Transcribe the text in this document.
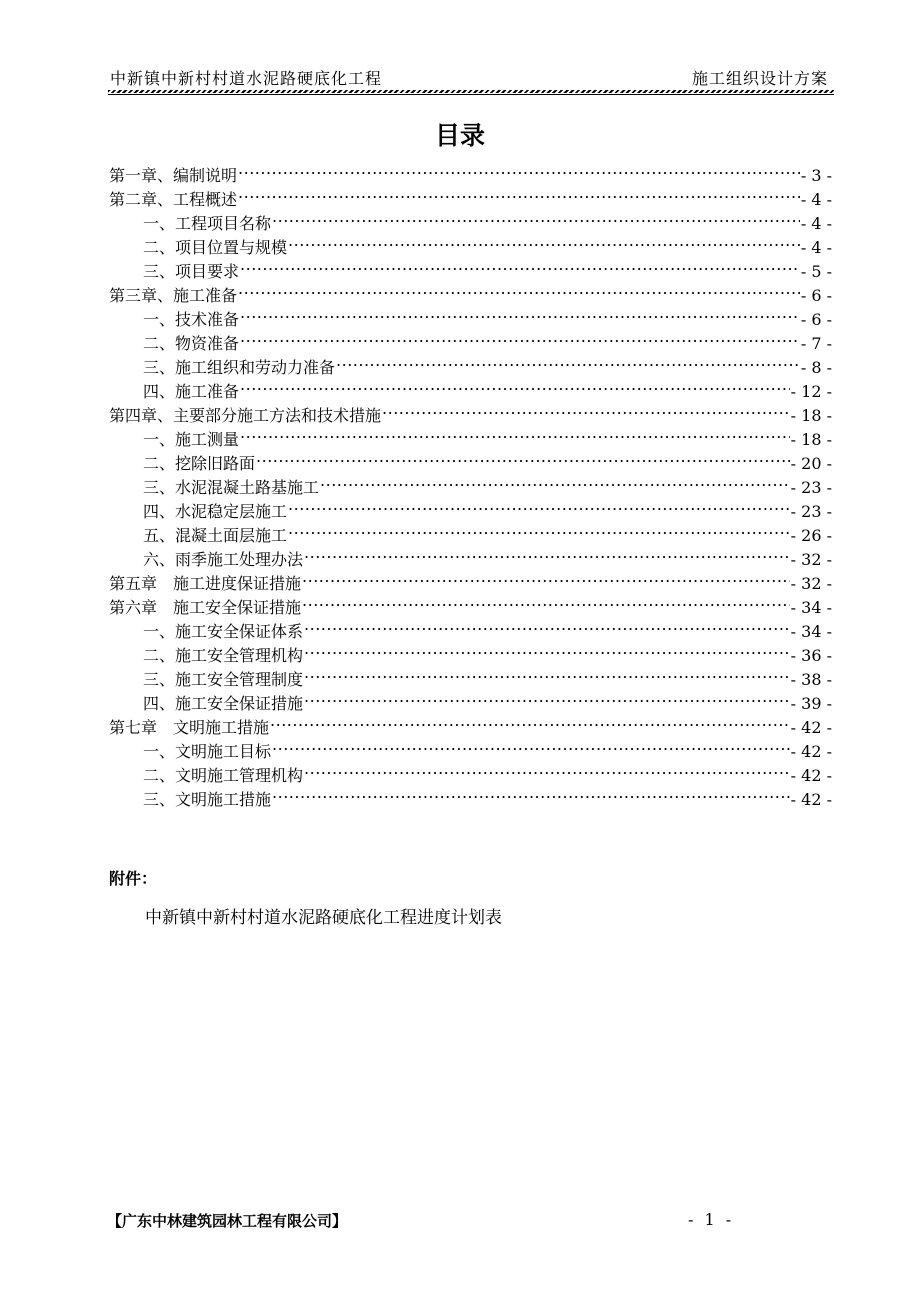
中新镇中新村村道水泥路硬底化工程	施工组织设计方案
目录
第一章、编制说明 .....	- 3 -
第二章、工程概述 .....	- 4 -
一、工程项目名称 .....	- 4 -
二、项目位置与规模 .....	- 4 -
三、项目要求 .....	- 5 -
第三章、施工准备 .....	- 6 -
一、技术准备 .....	- 6 -
二、物资准备 .....	- 7 -
三、施工组织和劳动力准备 .....	- 8 -
四、施工准备 .....	- 12 -
第四章、主要部分施工方法和技术措施 .....	- 18 -
一、施工测量 .....	- 18 -
二、挖除旧路面 .....	- 20 -
三、水泥混凝土路基施工 .....	- 23 -
四、水泥稳定层施工 .....	- 23 -
五、混凝土面层施工 .....	- 26 -
六、雨季施工处理办法 .....	- 32 -
第五章　施工进度保证措施 .....	- 32 -
第六章　施工安全保证措施 .....	- 34 -
一、施工安全保证体系 .....	- 34 -
二、施工安全管理机构 .....	- 36 -
三、施工安全管理制度 .....	- 38 -
四、施工安全保证措施 .....	- 39 -
第七章　文明施工措施 .....	- 42 -
一、文明施工目标 .....	- 42 -
二、文明施工管理机构 .....	- 42 -
三、文明施工措施 .....	- 42 -
附件：
中新镇中新村村道水泥路硬底化工程进度计划表
【广东中林建筑园林工程有限公司】	- 1 -
